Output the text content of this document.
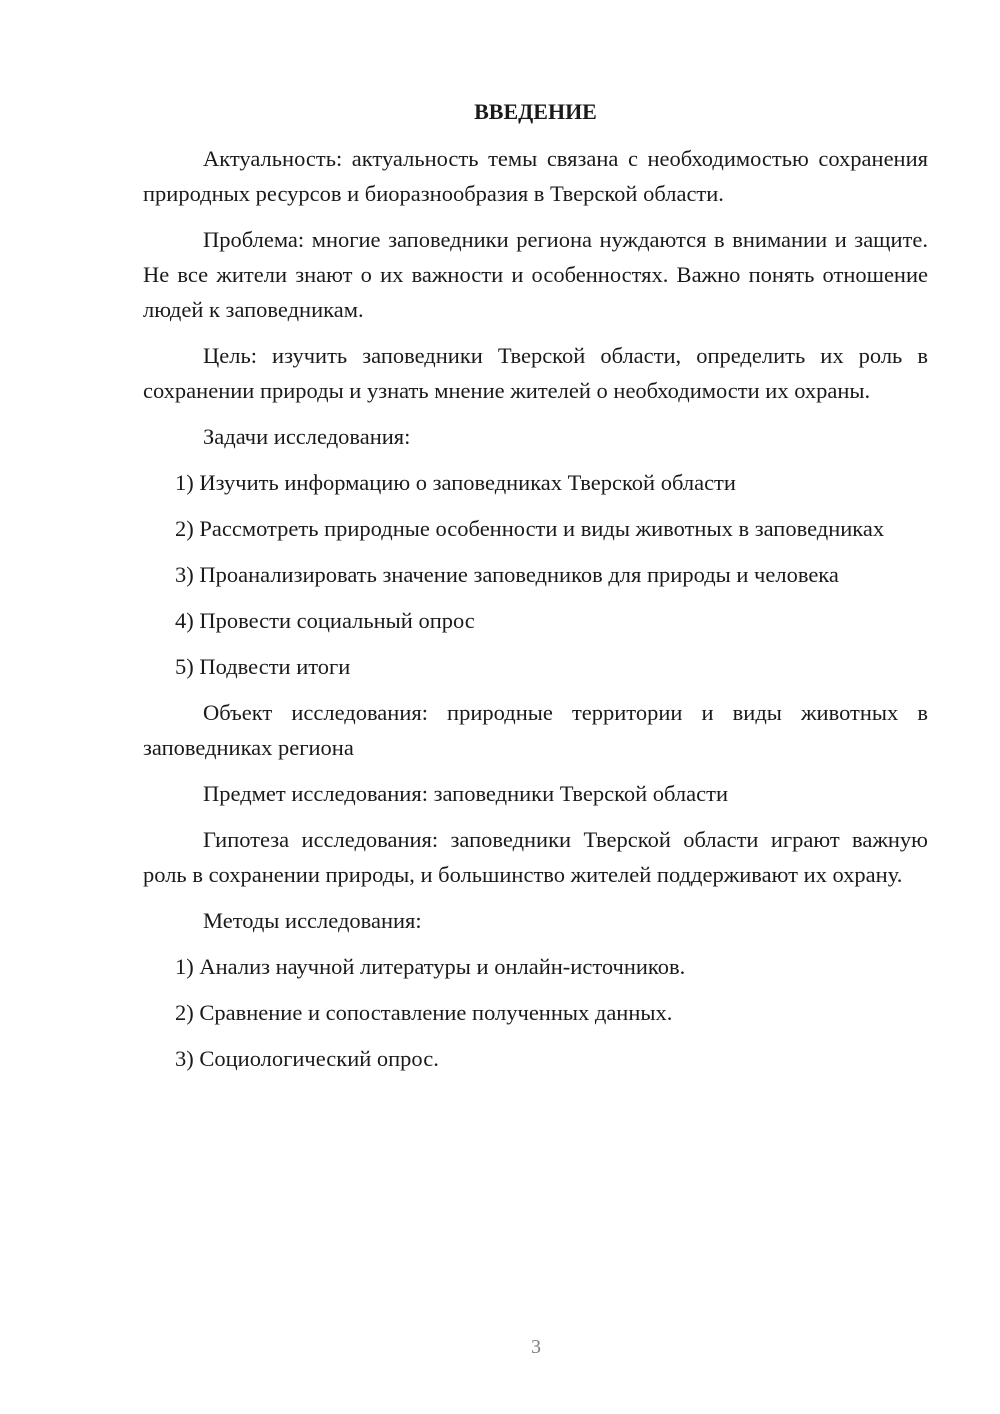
ВВЕДЕНИЕ

Актуальность: актуальность темы связана с необходимостью сохранения природных ресурсов и биоразнообразия в Тверской области.

Проблема: многие заповедники региона нуждаются в внимании и защите. Не все жители знают о их важности и особенностях. Важно понять отношение людей к заповедникам.

Цель: изучить заповедники Тверской области, определить их роль в сохранении природы и узнать мнение жителей о необходимости их охраны.

Задачи исследования:

1) Изучить информацию о заповедниках Тверской области

2) Рассмотреть природные особенности и виды животных в заповедниках

3) Проанализировать значение заповедников для природы и человека

4) Провести социальный опрос

5) Подвести итоги

Объект исследования: природные территории и виды животных в заповедниках региона

Предмет исследования: заповедники Тверской области

Гипотеза исследования: заповедники Тверской области играют важную роль в сохранении природы, и большинство жителей поддерживают их охрану.

Методы исследования:

1) Анализ научной литературы и онлайн-источников.

2) Сравнение и сопоставление полученных данных.

3) Социологический опрос.

3
